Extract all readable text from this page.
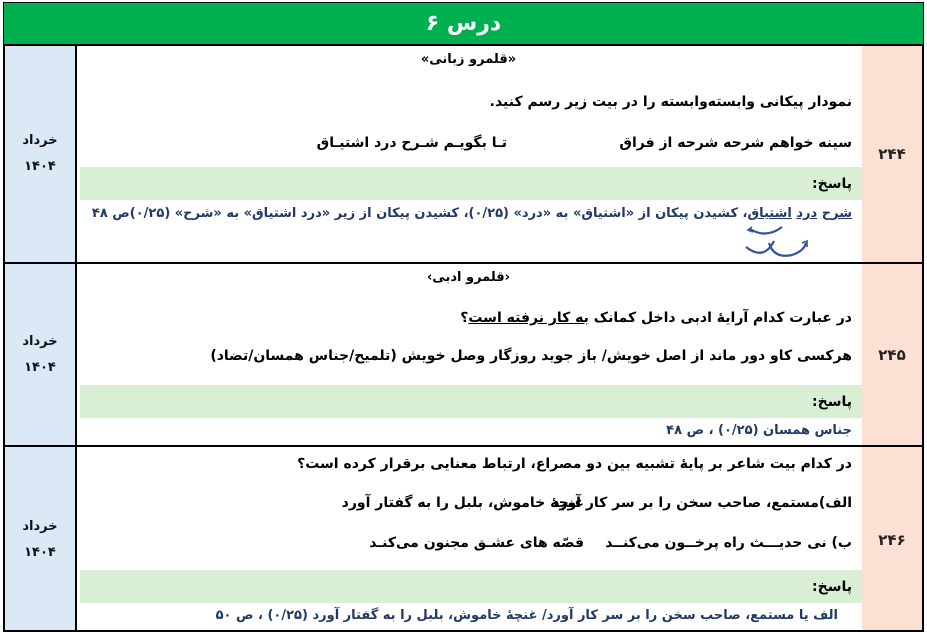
درس ۶
۲۴۴
«قلمرو زبانی»
نمودار پیکانی وابسته‌وابسته را در بیت زیر رسم کنید.
سینه خواهم شرحه شرحه از فراق
تـا بگویـم شـرح درد اشتیـاق
پاسخ:
شرح درد اشتیاق، کشیدن پیکان از «اشتیاق» به «درد» (۰/۲۵)، کشیدن پیکان از زیر «درد اشتیاق» به «شرح» (۰/۲۵)ص ۴۸
خرداد
۱۴۰۴
۲۴۵
‹قلمرو ادبی›
در عبارت کدام آرایۀ ادبی داخل کمانک به کار نرفته است؟
هرکسی کاو دور ماند از اصل خویش/ باز جوید روزگار وصل خویش (تلمیح/جناس همسان/تضاد)
پاسخ:
جناس همسان (۰/۲۵) ، ص ۴۸
خرداد
۱۴۰۴
۲۴۶
در کدام بیت شاعر بر پایۀ تشبیه بین دو مصراع، ارتباط معنایی برقرار کرده است؟
الف)مستمع، صاحب سخن را بر سر کار آورد
غنچۀ خاموش، بلبل را به گفتار آورد
ب) نی حدیـــث راه پرخــون می‌کنــد
قصّه های عشـق مجنون می‌کنـد
پاسخ:
الف یا مستمع، صاحب سخن را بر سر کار آورد/ غنچۀ خاموش، بلبل را به گفتار آورد (۰/۲۵) ، ص ۵۰
خرداد
۱۴۰۴
